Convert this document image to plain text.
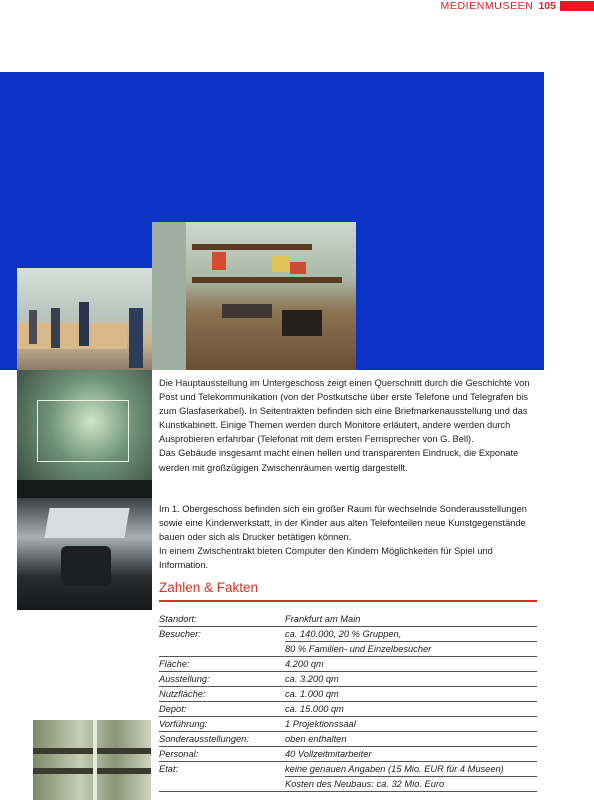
MEDIENMUSEEN 105

Die Hauptausstellung im Untergeschoss zeigt einen Querschnitt durch die Geschichte von Post und Telekommunikation (von der Postkutsche über erste Telefone und Telegrafen bis zum Glasfaserkabel). In Seitentrakten befinden sich eine Briefmarkenausstellung und das Kunstkabinett. Einige Themen werden durch Monitore erläutert, andere werden durch Ausprobieren erfahrbar (Telefonat mit dem ersten Fernsprecher von G. Bell).

Das Gebäude insgesamt macht einen hellen und transparenten Eindruck, die Exponate werden mit großzügigen Zwischenräumen wertig dargestellt.

Im 1. Obergeschoss befinden sich ein großer Raum für wechselnde Sonderausstellungen sowie eine Kinderwerkstatt, in der Kinder aus alten Telefonteilen neue Kunstgegenstände bauen oder sich als Drucker betätigen können.

In einem Zwischentrakt bieten Computer den Kindern Möglichkeiten für Spiel und Information.

Zahlen & Fakten
Standort:	Frankfurt am Main
Besucher:	ca. 140.000, 20 % Gruppen,
80 % Familien- und Einzelbesucher
Fläche:	4.200 qm
Ausstellung:	ca. 3.200 qm
Nutzfläche:	ca. 1.000 qm
Depot:	ca. 15.000 qm
Vorführung:	1 Projektionssaal
Sonderausstellungen:	oben enthalten
Personal:	40 Vollzeitmitarbeiter
Etat:	keine genauen Angaben (15 Mio. EUR für 4 Museen)
Kosten des Neubaus: ca. 32 Mio. Euro
